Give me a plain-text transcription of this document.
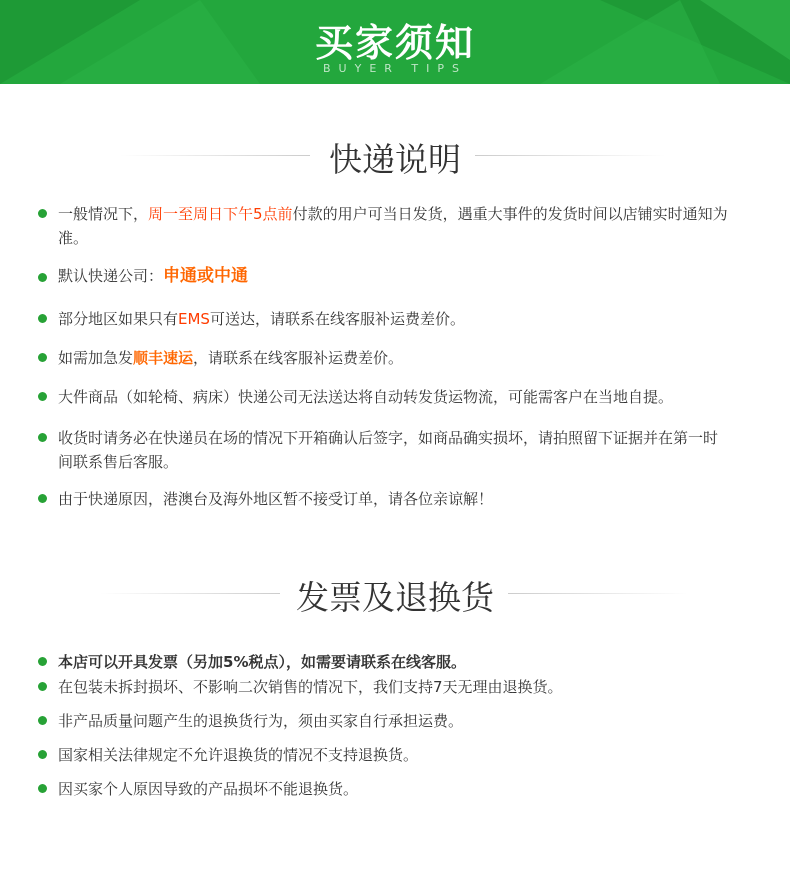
买家须知
BUYER TIPS
快递说明
一般情况下，周一至周日下午5点前付款的用户可当日发货，遇重大事件的发货时间以店铺实时通知为准。
默认快递公司：申通或中通
部分地区如果只有EMS可送达，请联系在线客服补运费差价。
如需加急发顺丰速运，请联系在线客服补运费差价。
大件商品（如轮椅、病床）快递公司无法送达将自动转发货运物流，可能需客户在当地自提。
收货时请务必在快递员在场的情况下开箱确认后签字，如商品确实损坏，请拍照留下证据并在第一时间联系售后客服。
由于快递原因，港澳台及海外地区暂不接受订单，请各位亲谅解！
发票及退换货
本店可以开具发票（另加5%税点），如需要请联系在线客服。
在包装未拆封损坏、不影响二次销售的情况下，我们支持7天无理由退换货。
非产品质量问题产生的退换货行为，须由买家自行承担运费。
国家相关法律规定不允许退换货的情况不支持退换货。
因买家个人原因导致的产品损坏不能退换货。
